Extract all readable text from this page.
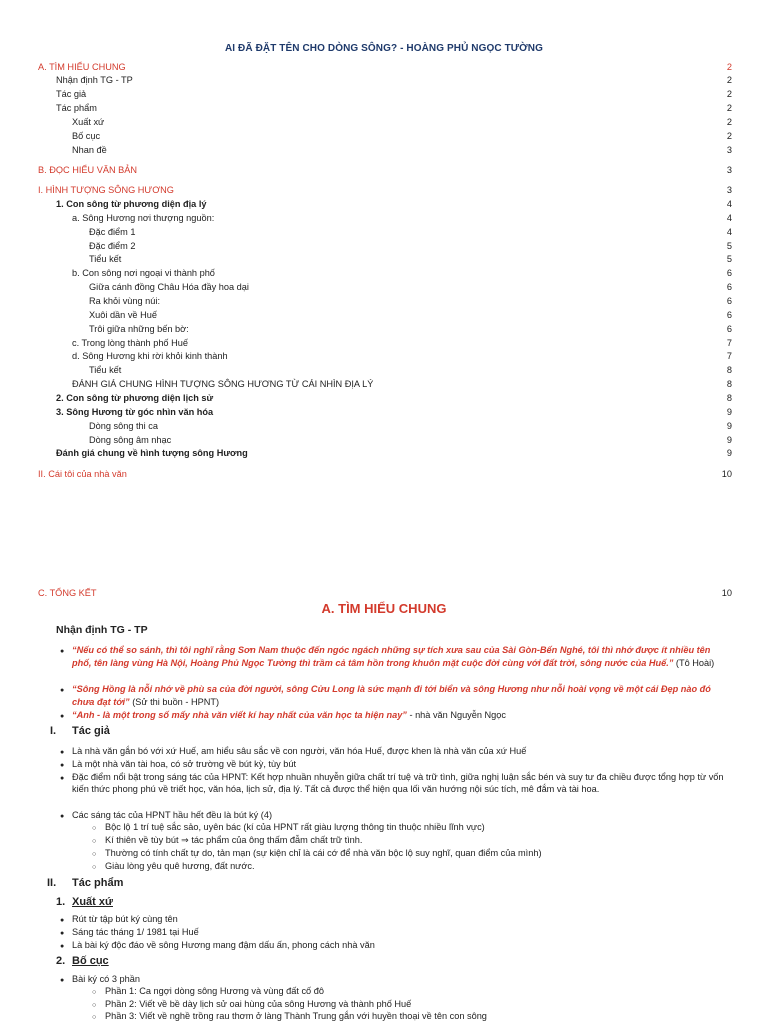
AI ĐÃ ĐẶT TÊN CHO DÒNG SÔNG? - HOÀNG PHỦ NGỌC TƯỜNG
A. TÌM HIỂU CHUNG	2
Nhận định TG - TP	2
Tác giả	2
Tác phẩm	2
Xuất xứ	2
Bố cục	2
Nhan đề	3
B. ĐỌC HIỂU VĂN BẢN	3
I. HÌNH TƯỢNG SÔNG HƯƠNG	3
1. Con sông từ phương diện địa lý	4
a. Sông Hương nơi thượng nguồn:	4
Đặc điểm 1	4
Đặc điểm 2	5
Tiểu kết	5
b. Con sông nơi ngoại vi thành phố	6
Giữa cánh đồng Châu Hóa đầy hoa dại	6
Ra khỏi vùng núi:	6
Xuôi dần về Huế	6
Trôi giữa những bến bờ:	6
c. Trong lòng thành phố Huế	7
d. Sông Hương khi rời khỏi kinh thành	7
Tiểu kết	8
ĐÁNH GIÁ CHUNG HÌNH TƯỢNG SÔNG HƯƠNG TỪ CÁI NHÌN ĐỊA LÝ	8
2. Con sông từ phương diện lịch sử	8
3. Sông Hương từ góc nhìn văn hóa	9
Dòng sông thi ca	9
Dòng sông âm nhạc	9
Đánh giá chung về hình tượng sông Hương	9
II. Cái tôi của nhà văn	10
C. TỔNG KẾT	10
A. TÌM HIỂU CHUNG
Nhận định TG - TP
● “Nếu có thể so sánh, thì tôi nghĩ rằng Sơn Nam thuộc đến ngóc ngách những sự tích xưa sau của Sài Gòn-Bến Nghé, tôi thì nhớ được ít nhiều tên phố, tên làng vùng Hà Nội, Hoàng Phủ Ngọc Tường thì trầm cả tâm hồn trong khuôn mặt cuộc đời cùng với đất trời, sông nước của Huế.” (Tô Hoài)
● “Sông Hồng là nỗi nhớ về phù sa của đời người, sông Cửu Long là sức mạnh đi tới biển và sông Hương như nỗi hoài vọng về một cái Đẹp nào đó chưa đạt tới” (Sử thi buồn - HPNT)
● “Anh - là một trong số mấy nhà văn viết kí hay nhất của văn học ta hiện nay” - nhà văn Nguyễn Ngọc
I. Tác giả
● Là nhà văn gắn bó với xứ Huế, am hiểu sâu sắc về con người, văn hóa Huế, được khen là nhà văn của xứ Huế
● Là một nhà văn tài hoa, có sở trường về bút kỳ, tùy bút
● Đặc điểm nổi bật trong sáng tác của HPNT: Kết hợp nhuần nhuyễn giữa chất trí tuệ và trữ tình, giữa nghị luận sắc bén và suy tư đa chiều được tổng hợp từ vốn kiến thức phong phú về triết học, văn hóa, lịch sử, địa lý. Tất cả được thể hiện qua lối văn hướng nội súc tích, mê đắm và tài hoa.
● Các sáng tác của HPNT hầu hết đều là bút ký (4)
○ Bộc lộ 1 trí tuệ sắc sảo, uyên bác (kí của HPNT rất giàu lượng thông tin thuộc nhiều lĩnh vực)
○ Kí thiên về tùy bút ⇒ tác phẩm của ông thấm đẫm chất trữ tình.
○ Thường có tính chất tự do, tản mạn (sự kiện chỉ là cái cớ để nhà văn bộc lộ suy nghĩ, quan điểm của mình)
○ Giàu lòng yêu quê hương, đất nước.
II. Tác phẩm
1. Xuất xứ
● Rút từ tập bút ký cùng tên
● Sáng tác tháng 1/ 1981 tại Huế
● Là bài ký độc đáo về sông Hương mang đậm dấu ấn, phong cách nhà văn
2. Bố cục
● Bài ký có 3 phần
○ Phần 1: Ca ngợi dòng sông Hương và vùng đất cố đô
○ Phần 2: Viết về bề dày lịch sử oai hùng của sông Hương và thành phố Huế
○ Phần 3: Viết về nghề trồng rau thơm ở làng Thành Trung gắn với huyền thoại về tên con sông
